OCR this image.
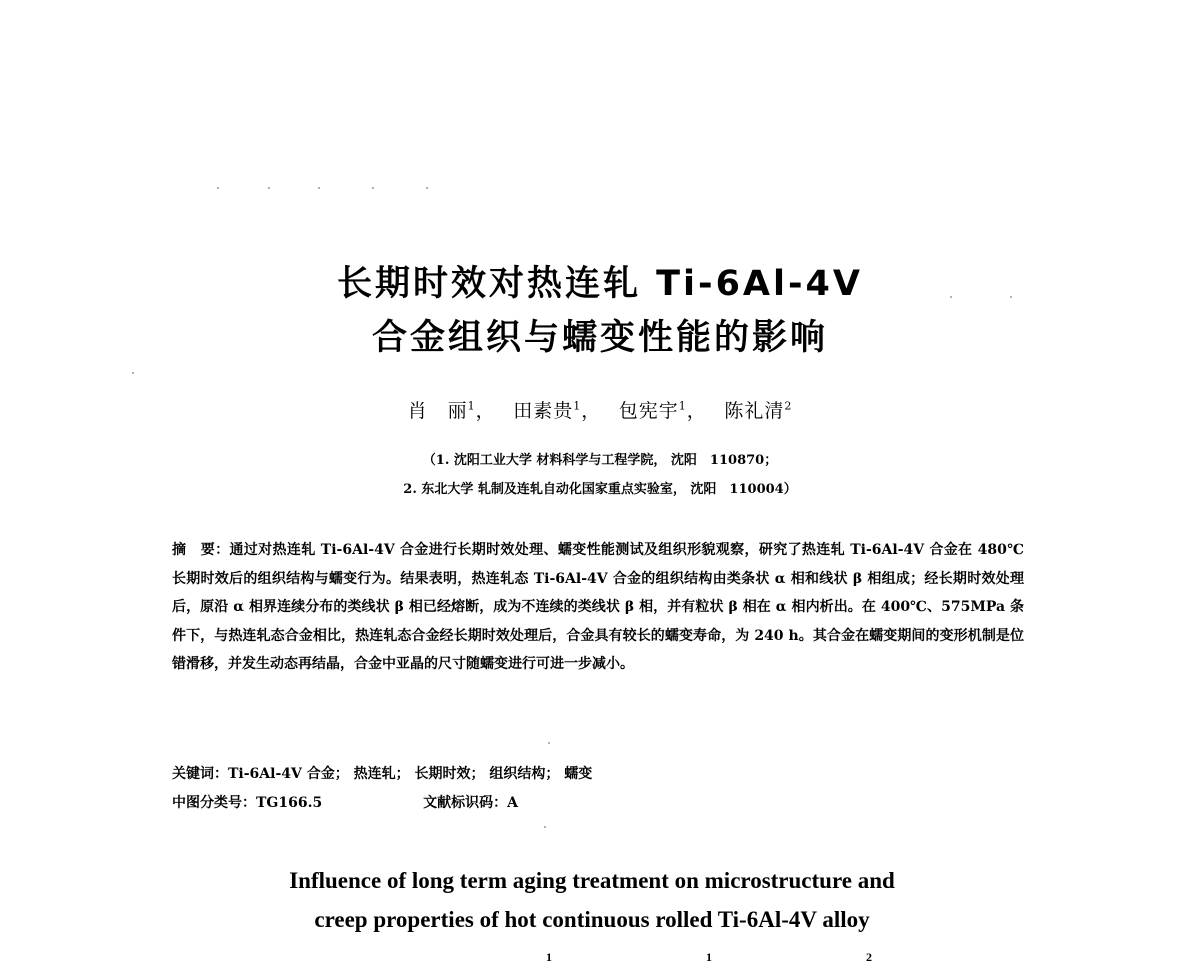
长期时效对热连轧 Ti-6Al-4V
合金组织与蠕变性能的影响
肖　丽$^1$，　 田素贵$^1$，　 包宪宇$^1$，　 陈礼清$^2$
（1. 沈阳工业大学 材料科学与工程学院， 沈阳　110870；
2. 东北大学 轧制及连轧自动化国家重点实验室， 沈阳　110004）
摘　要：通过对热连轧 Ti-6Al-4V 合金进行长期时效处理、蠕变性能测试及组织形貌观察，研究了热连轧 Ti-6Al-4V 合金在 480℃ 长期时效后的组织结构与蠕变行为。结果表明，热连轧态 Ti-6Al-4V 合金的组织结构由类条状 α 相和线状 β 相组成；经长期时效处理后，原沿 α 相界连续分布的类线状 β 相已经熔断，成为不连续的类线状 β 相，并有粒状 β 相在 α 相内析出。在 400℃、575MPa 条件下，与热连轧态合金相比，热连轧态合金经长期时效处理后，合金具有较长的蠕变寿命，为 240 h。其合金在蠕变期间的变形机制是位错滑移，并发生动态再结晶，合金中亚晶的尺寸随蠕变进行可进一步减小。
关键词：Ti-6Al-4V 合金； 热连轧； 长期时效； 组织结构； 蠕变
中图分类号：TG166.5	文献标识码：A
Influence of long term aging treatment on microstructure and
creep properties of hot continuous rolled Ti-6Al-4V alloy
1	1	2
